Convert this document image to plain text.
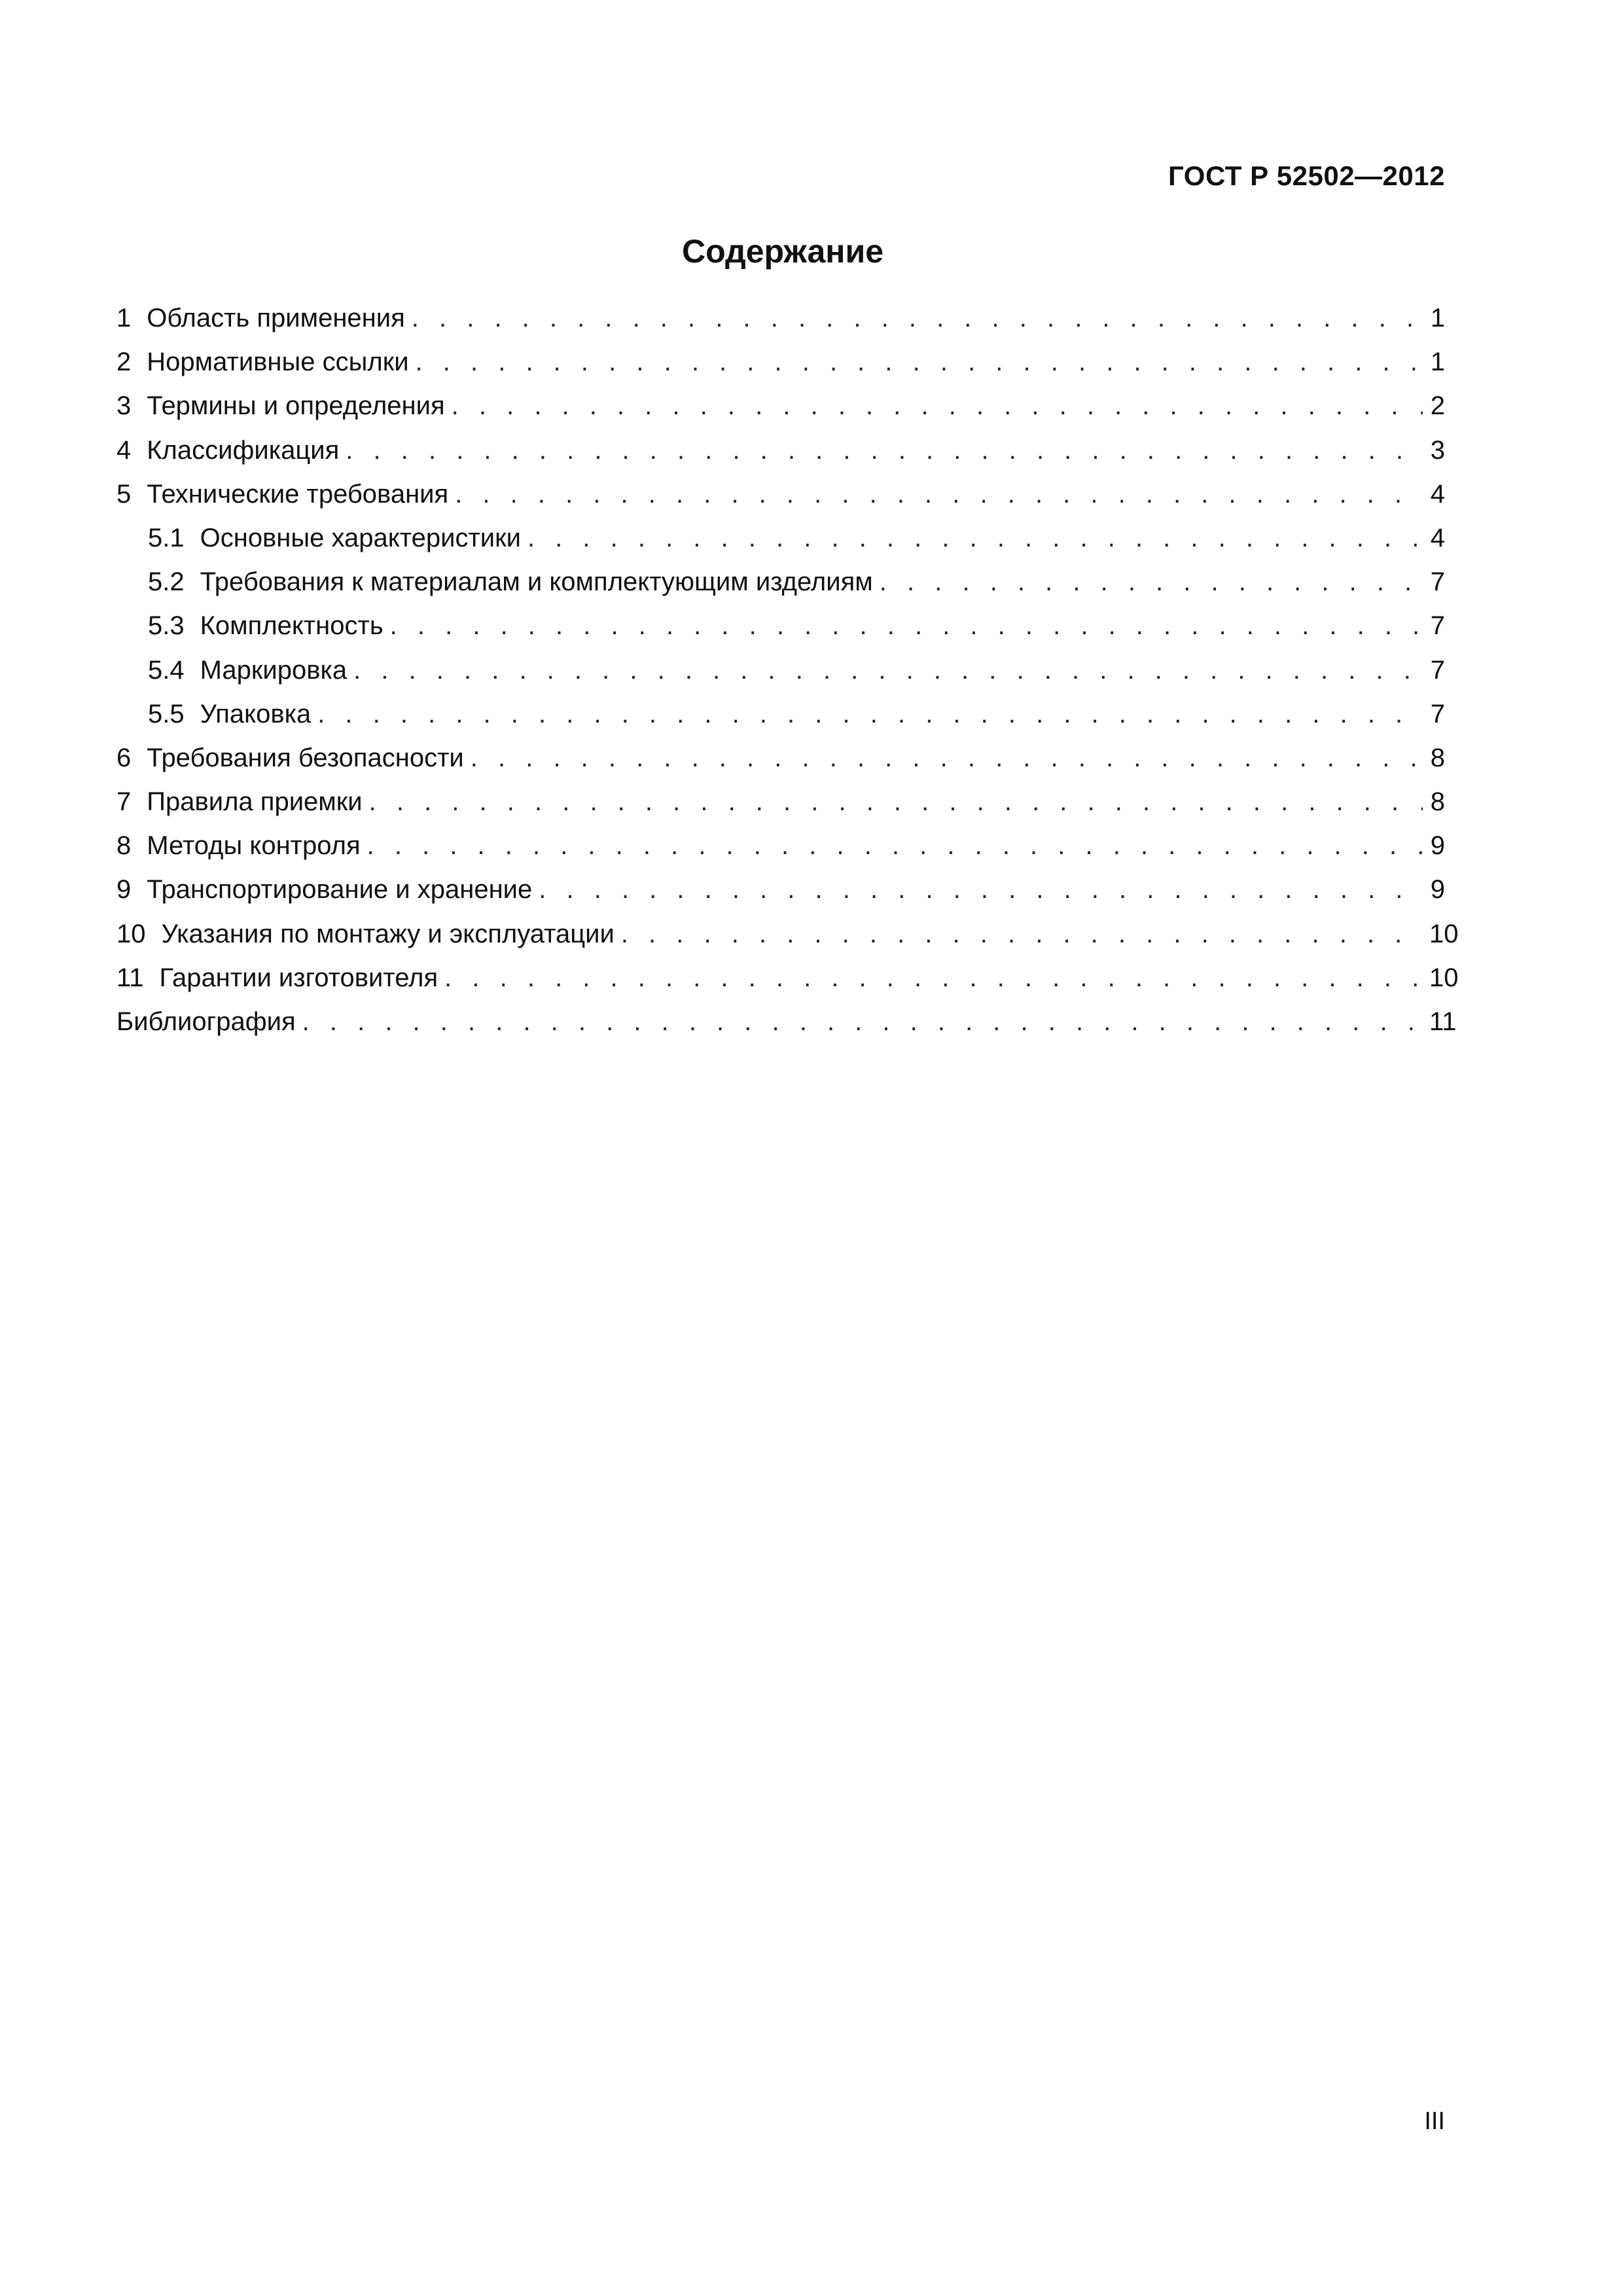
ГОСТ Р 52502—2012
Содержание
1 Область применения . . .	1
2 Нормативные ссылки . . .	1
3 Термины и определения . . .	2
4 Классификация . . .	3
5 Технические требования . . .	4
5.1 Основные характеристики . . .	4
5.2 Требования к материалам и комплектующим изделиям . . .	7
5.3 Комплектность . . .	7
5.4 Маркировка . . .	7
5.5 Упаковка . . .	7
6 Требования безопасности . . .	8
7 Правила приемки . . .	8
8 Методы контроля . . .	9
9 Транспортирование и хранение . . .	9
10 Указания по монтажу и эксплуатации . . .	10
11 Гарантии изготовителя . . .	10
Библиография . . .	11
III
